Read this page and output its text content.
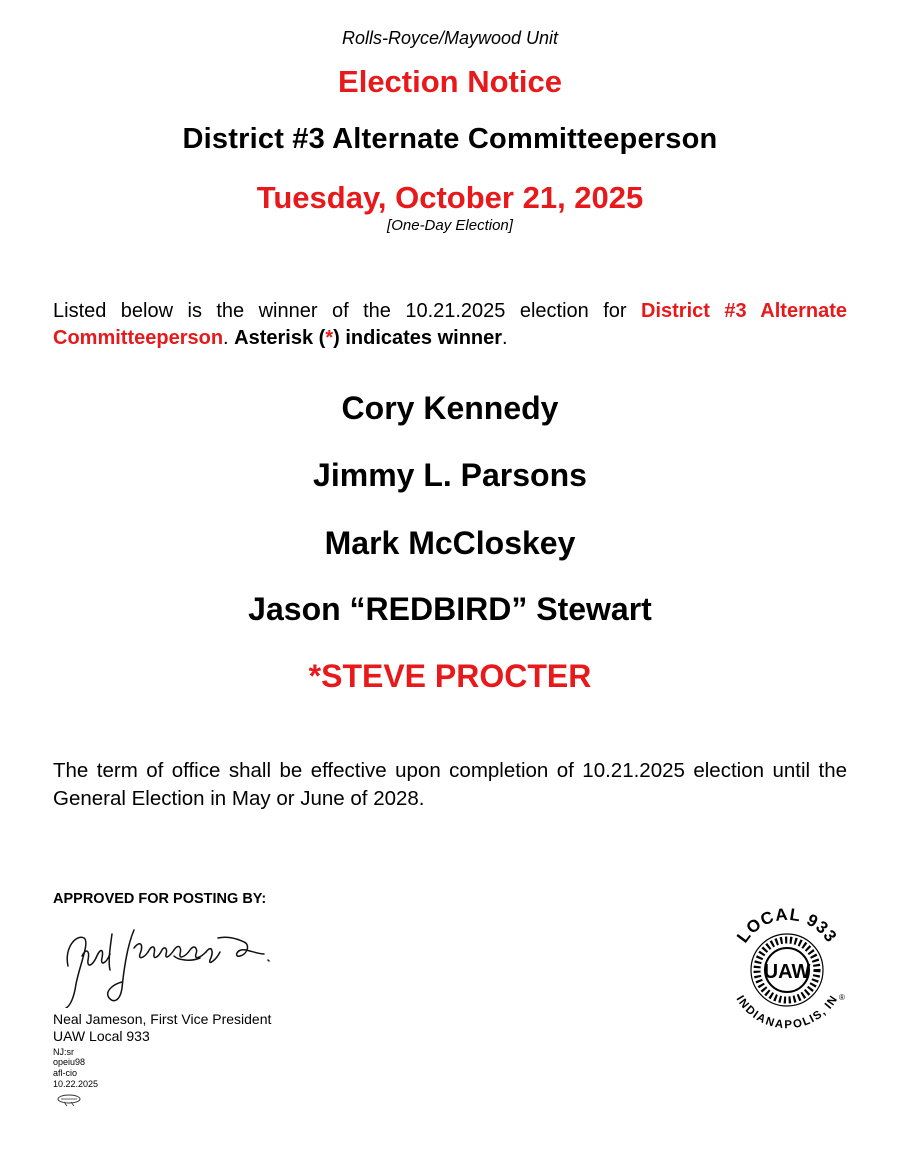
Rolls-Royce/Maywood Unit
Election Notice
District #3 Alternate Committeeperson
Tuesday, October 21, 2025
[One-Day Election]
Listed below is the winner of the 10.21.2025 election for District #3 Alternate Committeeperson. Asterisk (*) indicates winner.
Cory Kennedy
Jimmy L. Parsons
Mark McCloskey
Jason “REDBIRD” Stewart
*STEVE PROCTER
The term of office shall be effective upon completion of 10.21.2025 election until the General Election in May or June of 2028.
APPROVED FOR POSTING BY:
Neal Jameson, First Vice President
UAW Local 933
NJ:sr
opeiu98
afl-cio
10.22.2025
UAW
LOCAL 933
INDIANAPOLIS, IN
®
